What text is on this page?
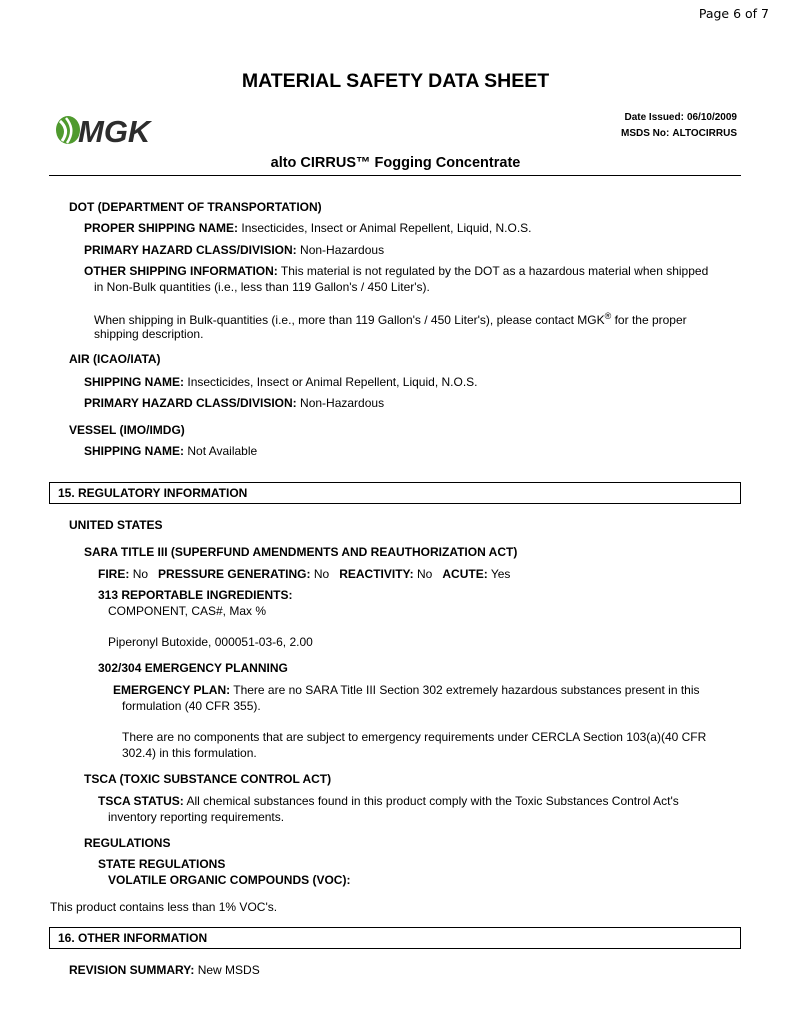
Page 6 of 7
MATERIAL SAFETY DATA SHEET
MGK	Date Issued: 06/10/2009
MSDS No: ALTOCIRRUS
alto CIRRUS™ Fogging Concentrate
DOT (DEPARTMENT OF TRANSPORTATION)
PROPER SHIPPING NAME: Insecticides, Insect or Animal Repellent, Liquid, N.O.S.
PRIMARY HAZARD CLASS/DIVISION: Non-Hazardous
OTHER SHIPPING INFORMATION: This material is not regulated by the DOT as a hazardous material when shipped
in Non-Bulk quantities (i.e., less than 119 Gallon's / 450 Liter's).
When shipping in Bulk-quantities (i.e., more than 119 Gallon's / 450 Liter's), please contact MGK® for the proper
shipping description.
AIR (ICAO/IATA)
SHIPPING NAME: Insecticides, Insect or Animal Repellent, Liquid, N.O.S.
PRIMARY HAZARD CLASS/DIVISION: Non-Hazardous
VESSEL (IMO/IMDG)
SHIPPING NAME: Not Available
15. REGULATORY INFORMATION
UNITED STATES
SARA TITLE III (SUPERFUND AMENDMENTS AND REAUTHORIZATION ACT)
FIRE: No PRESSURE GENERATING: No REACTIVITY: No ACUTE: Yes
313 REPORTABLE INGREDIENTS:
COMPONENT, CAS#, Max %
Piperonyl Butoxide, 000051-03-6, 2.00
302/304 EMERGENCY PLANNING
EMERGENCY PLAN: There are no SARA Title III Section 302 extremely hazardous substances present in this
formulation (40 CFR 355).
There are no components that are subject to emergency requirements under CERCLA Section 103(a)(40 CFR
302.4) in this formulation.
TSCA (TOXIC SUBSTANCE CONTROL ACT)
TSCA STATUS: All chemical substances found in this product comply with the Toxic Substances Control Act's
inventory reporting requirements.
REGULATIONS
STATE REGULATIONS
VOLATILE ORGANIC COMPOUNDS (VOC):
This product contains less than 1% VOC's.
16. OTHER INFORMATION
REVISION SUMMARY: New MSDS
